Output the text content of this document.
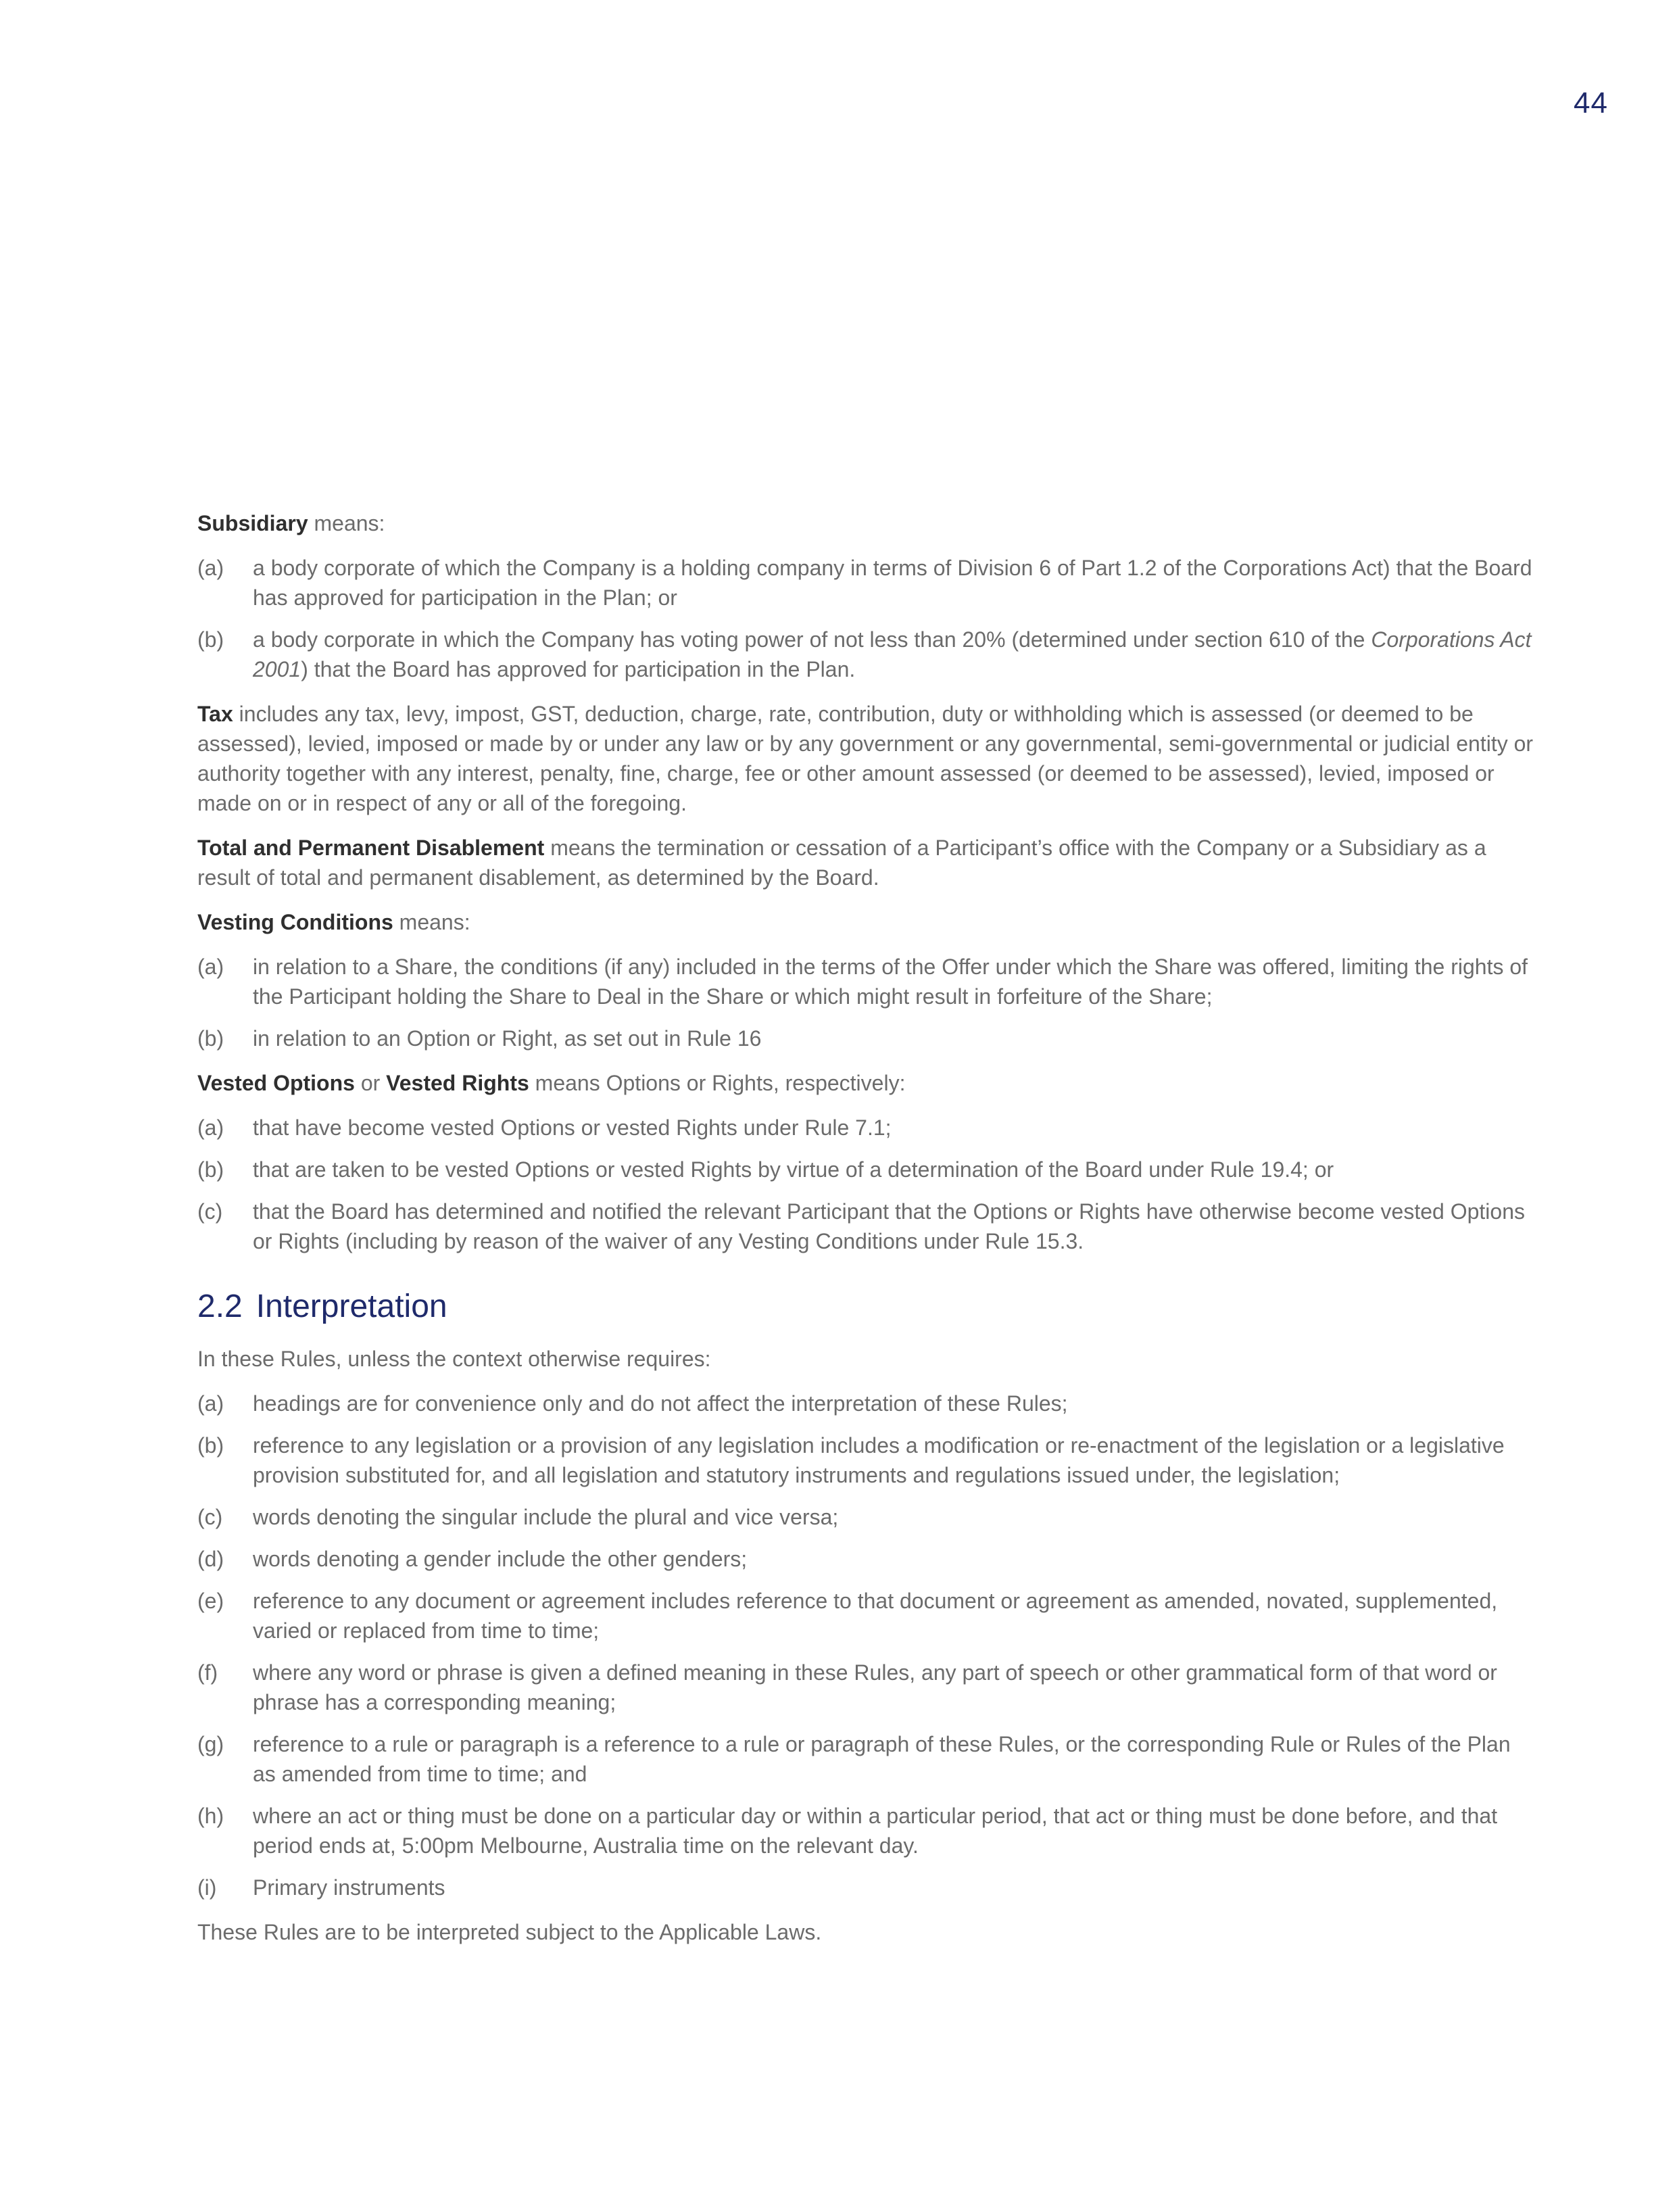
44

Subsidiary means:

(a)	a body corporate of which the Company is a holding company in terms of Division 6 of Part 1.2 of the Corporations Act) that the Board has approved for participation in the Plan; or
(b)	a body corporate in which the Company has voting power of not less than 20% (determined under section 610 of the Corporations Act 2001) that the Board has approved for participation in the Plan.

Tax includes any tax, levy, impost, GST, deduction, charge, rate, contribution, duty or withholding which is assessed (or deemed to be assessed), levied, imposed or made by or under any law or by any government or any governmental, semi-governmental or judicial entity or authority together with any interest, penalty, fine, charge, fee or other amount assessed (or deemed to be assessed), levied, imposed or made on or in respect of any or all of the foregoing.

Total and Permanent Disablement means the termination or cessation of a Participant’s office with the Company or a Subsidiary as a result of total and permanent disablement, as determined by the Board.

Vesting Conditions means:

(a)	in relation to a Share, the conditions (if any) included in the terms of the Offer under which the Share was offered, limiting the rights of the Participant holding the Share to Deal in the Share or which might result in forfeiture of the Share;
(b)	in relation to an Option or Right, as set out in Rule 16

Vested Options or Vested Rights means Options or Rights, respectively:

(a)	that have become vested Options or vested Rights under Rule 7.1;
(b)	that are taken to be vested Options or vested Rights by virtue of a determination of the Board under Rule 19.4; or
(c)	that the Board has determined and notified the relevant Participant that the Options or Rights have otherwise become vested Options or Rights (including by reason of the waiver of any Vesting Conditions under Rule 15.3.
2.2 Interpretation

In these Rules, unless the context otherwise requires:

(a)	headings are for convenience only and do not affect the interpretation of these Rules;
(b)	reference to any legislation or a provision of any legislation includes a modification or re-enactment of the legislation or a legislative provision substituted for, and all legislation and statutory instruments and regulations issued under, the legislation;
(c)	words denoting the singular include the plural and vice versa;
(d)	words denoting a gender include the other genders;
(e)	reference to any document or agreement includes reference to that document or agreement as amended, novated, supplemented, varied or replaced from time to time;
(f)	where any word or phrase is given a defined meaning in these Rules, any part of speech or other grammatical form of that word or phrase has a corresponding meaning;
(g)	reference to a rule or paragraph is a reference to a rule or paragraph of these Rules, or the corresponding Rule or Rules of the Plan as amended from time to time; and
(h)	where an act or thing must be done on a particular day or within a particular period, that act or thing must be done before, and that period ends at, 5:00pm Melbourne, Australia time on the relevant day.
(i)	Primary instruments

These Rules are to be interpreted subject to the Applicable Laws.
